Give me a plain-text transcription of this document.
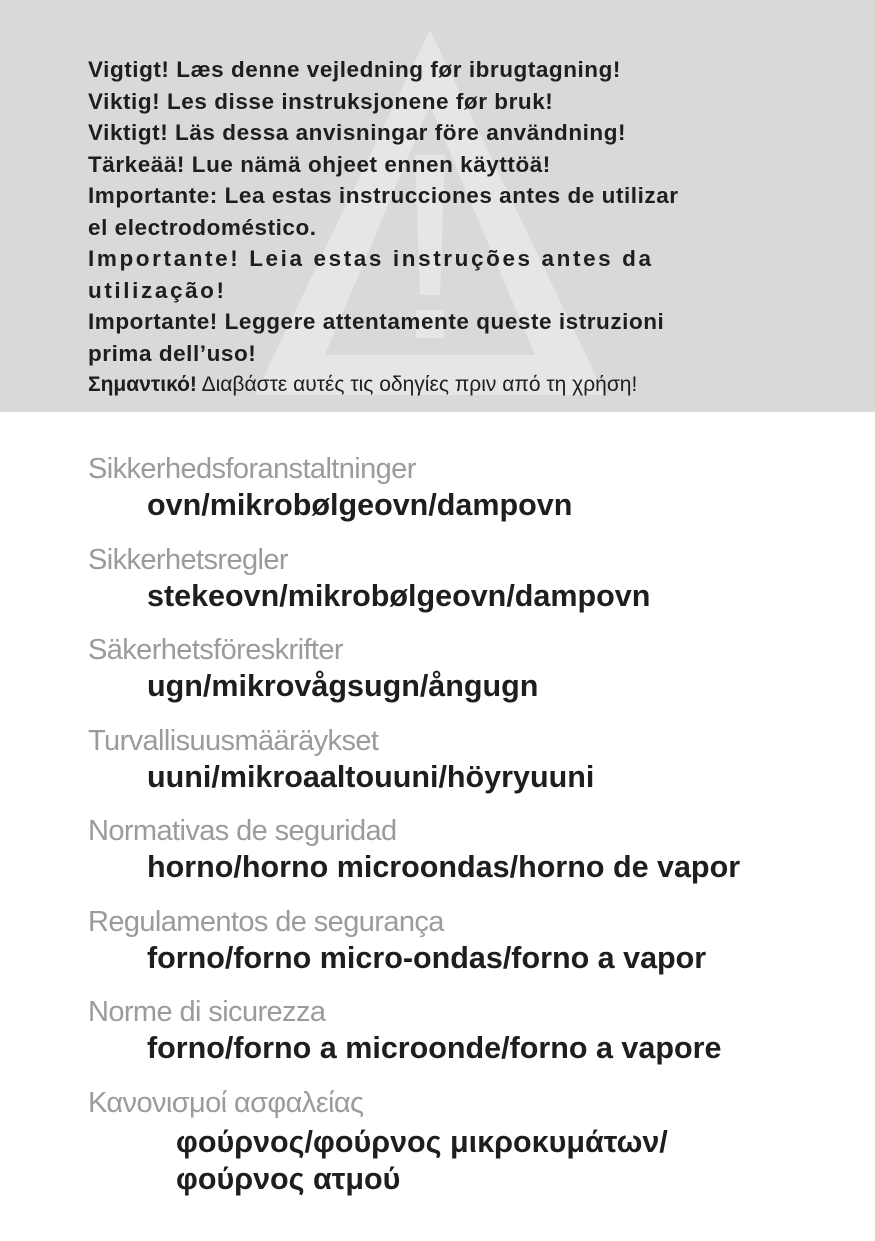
Vigtigt! Læs denne vejledning før ibrugtagning!
Viktig! Les disse instruksjonene før bruk!
Viktigt! Läs dessa anvisningar före användning!
Tärkeää! Lue nämä ohjeet ennen käyttöä!
Importante: Lea estas instrucciones antes de utilizar
el electrodoméstico.
Importante! Leia estas instruções antes da
utilização!
Importante! Leggere attentamente queste istruzioni
prima dell’uso!
Σημαντικό! Διαβάστε αυτές τις οδηγίες πριν από τη χρήση!
Sikkerhedsforanstaltninger
ovn/mikrobølgeovn/dampovn
Sikkerhetsregler
stekeovn/mikrobølgeovn/dampovn
Säkerhetsföreskrifter
ugn/mikrovågsugn/ångugn
Turvallisuusmääräykset
uuni/mikroaaltouuni/höyryuuni
Normativas de seguridad
horno/horno microondas/horno de vapor
Regulamentos de segurança
forno/forno micro-ondas/forno a vapor
Norme di sicurezza
forno/forno a microonde/forno a vapore
Κανονισμοί ασφαλείας
φούρνος/φούρνος μικροκυμάτων/
φούρνος ατμού
